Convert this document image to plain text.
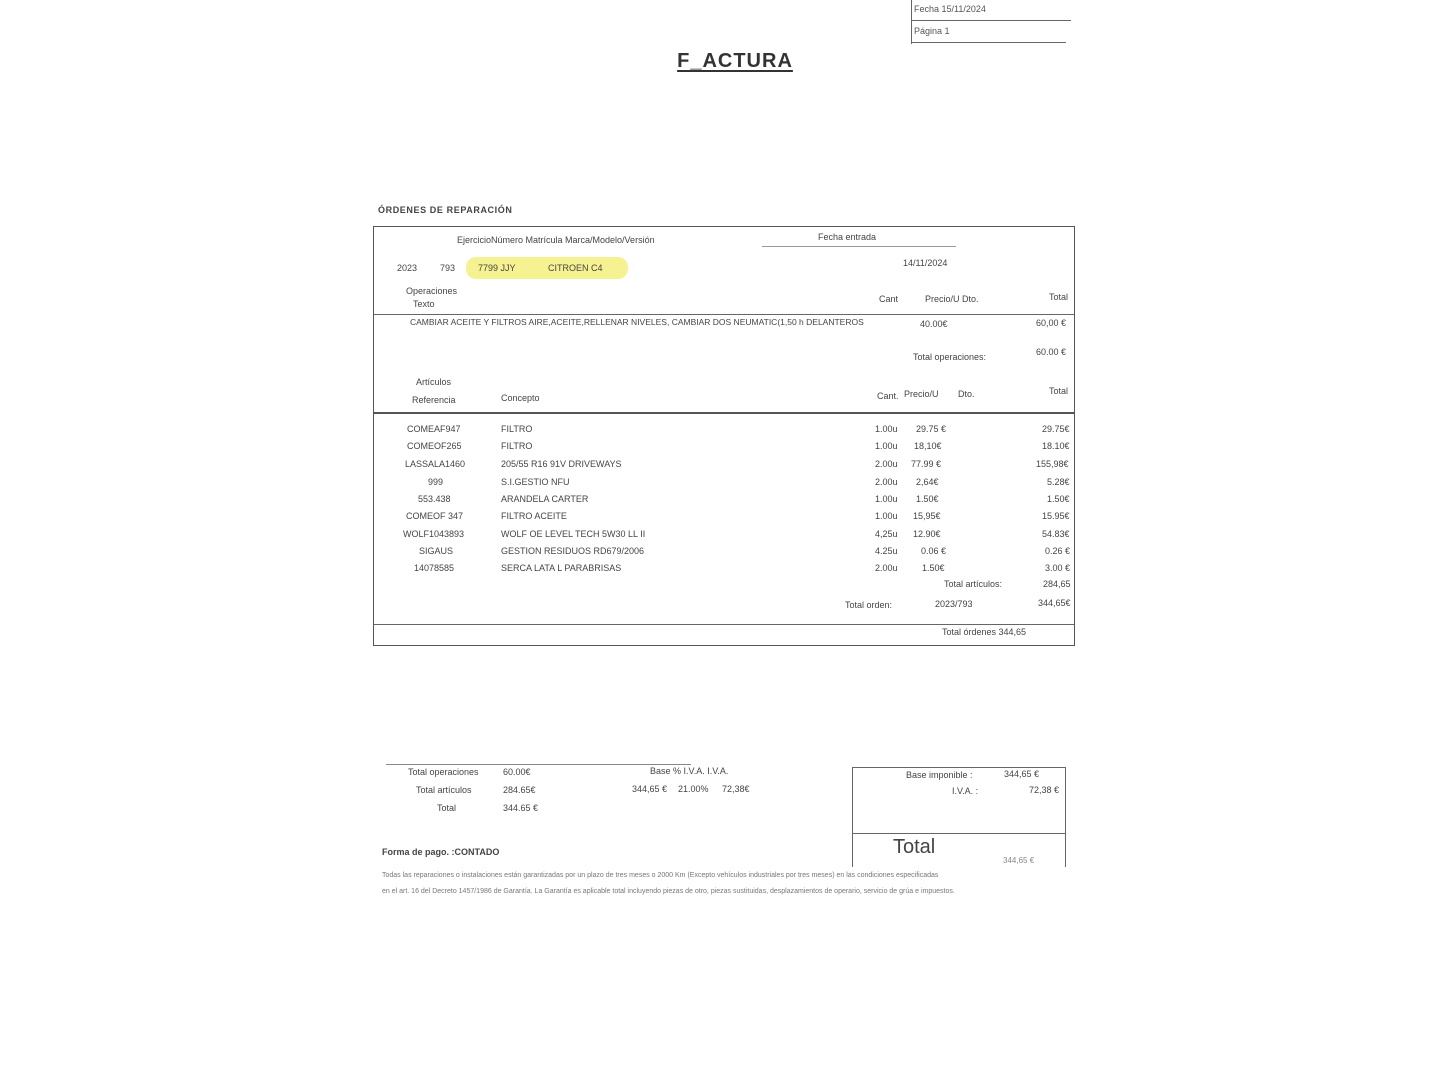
Fecha 15/11/2024
Página 1
F_ACTURA
ÓRDENES DE REPARACIÓN
EjercicioNúmero Matrícula Marca/Modelo/Versión	Fecha entrada
2023	793	7799 JJY	CITROEN C4	14/11/2024
Operaciones
Texto	Cant	Precio/U Dto.	Total
CAMBIAR ACEITE Y FILTROS AIRE,ACEITE,RELLENAR NIVELES, CAMBIAR DOS NEUMATIC(1,50 h DELANTEROS	40.00€	60,00 €
Total operaciones:	60.00 €
Artículos
Referencia	Concepto	Cant. Precio/U Dto.	Total
COMEAF947	FILTRO	1.00u 29.75 €	29.75€
COMEOF265	FILTRO	1.00u 18,10€	18.10€
LASSALA1460	205/55 R16 91V DRIVEWAYS	2.00u 77.99 €	155,98€
999	S.I.GESTIO NFU	2.00u 2,64€	5.28€
553.438	ARANDELA CARTER	1.00u 1.50€	1.50€
COMEOF 347	FILTRO ACEITE	1.00u 15,95€	15.95€
WOLF1043893	WOLF OE LEVEL TECH 5W30 LL II	4,25u 12.90€	54.83€
SIGAUS	GESTION RESIDUOS RD679/2006	4.25u	0.06 €	0.26 €
14078585	SERCA LATA L PARABRISAS	2.00u	1.50€	3.00 €
Total artículos:	284,65
Total orden:	2023/793	344,65€
Total órdenes 344,65
Total operaciones	60.00€
Total artículos	284.65€
Total	344.65 €
Base % I.V.A. I.V.A.
344,65 € 21.00% 72,38€
Base imponible :	344,65 €
I.V.A. :	72,38 €
Total
344,65 €
Forma de pago. :CONTADO
Todas las reparaciones o instalaciones están garantizadas por un plazo de tres meses o 2000 Km (Excepto vehículos industriales por tres meses) en las condiciones especificadas
en el art. 16 del Decreto 1457/1986 de Garantía. La Garantía es aplicable total incluyendo piezas de otro, piezas sustituidas, desplazamientos de operario, servicio de grúa e impuestos.
